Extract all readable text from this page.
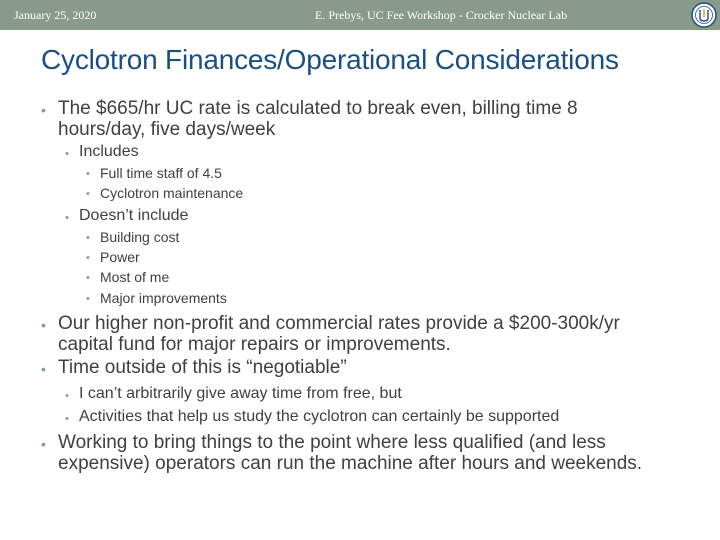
January 25, 2020	E. Prebys, UC Fee Workshop - Crocker Nuclear Lab
Cyclotron Finances/Operational Considerations
• The $665/hr UC rate is calculated to break even, billing time 8 hours/day, five days/week
• Includes
• Full time staff of 4.5
• Cyclotron maintenance
• Doesn’t include
• Building cost
• Power
• Most of me
• Major improvements
• Our higher non-profit and commercial rates provide a $200-300k/yr capital fund for major repairs or improvements.
• Time outside of this is “negotiable”
• I can’t arbitrarily give away time from free, but
• Activities that help us study the cyclotron can certainly be supported
• Working to bring things to the point where less qualified (and less expensive) operators can run the machine after hours and weekends.
